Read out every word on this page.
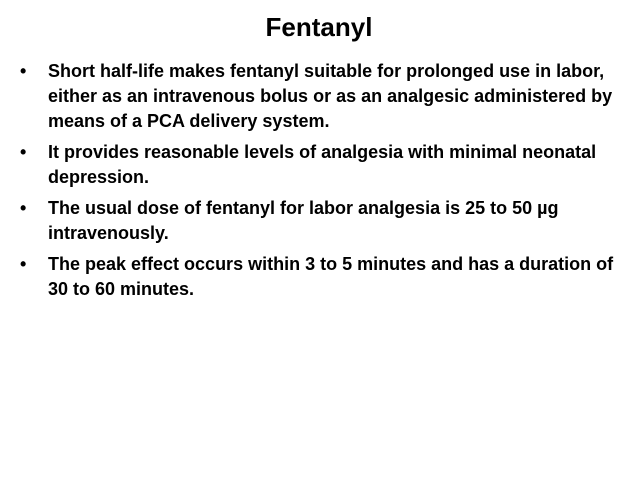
Fentanyl
•	Short half-life makes fentanyl suitable for prolonged use in labor, either as an intravenous bolus or as an analgesic administered by means of a PCA delivery system.
•	It provides reasonable levels of analgesia with minimal neonatal depression.
•	The usual dose of fentanyl for labor analgesia is 25 to 50 µg intravenously.
•	The peak effect occurs within 3 to 5 minutes and has a duration of 30 to 60 minutes.
